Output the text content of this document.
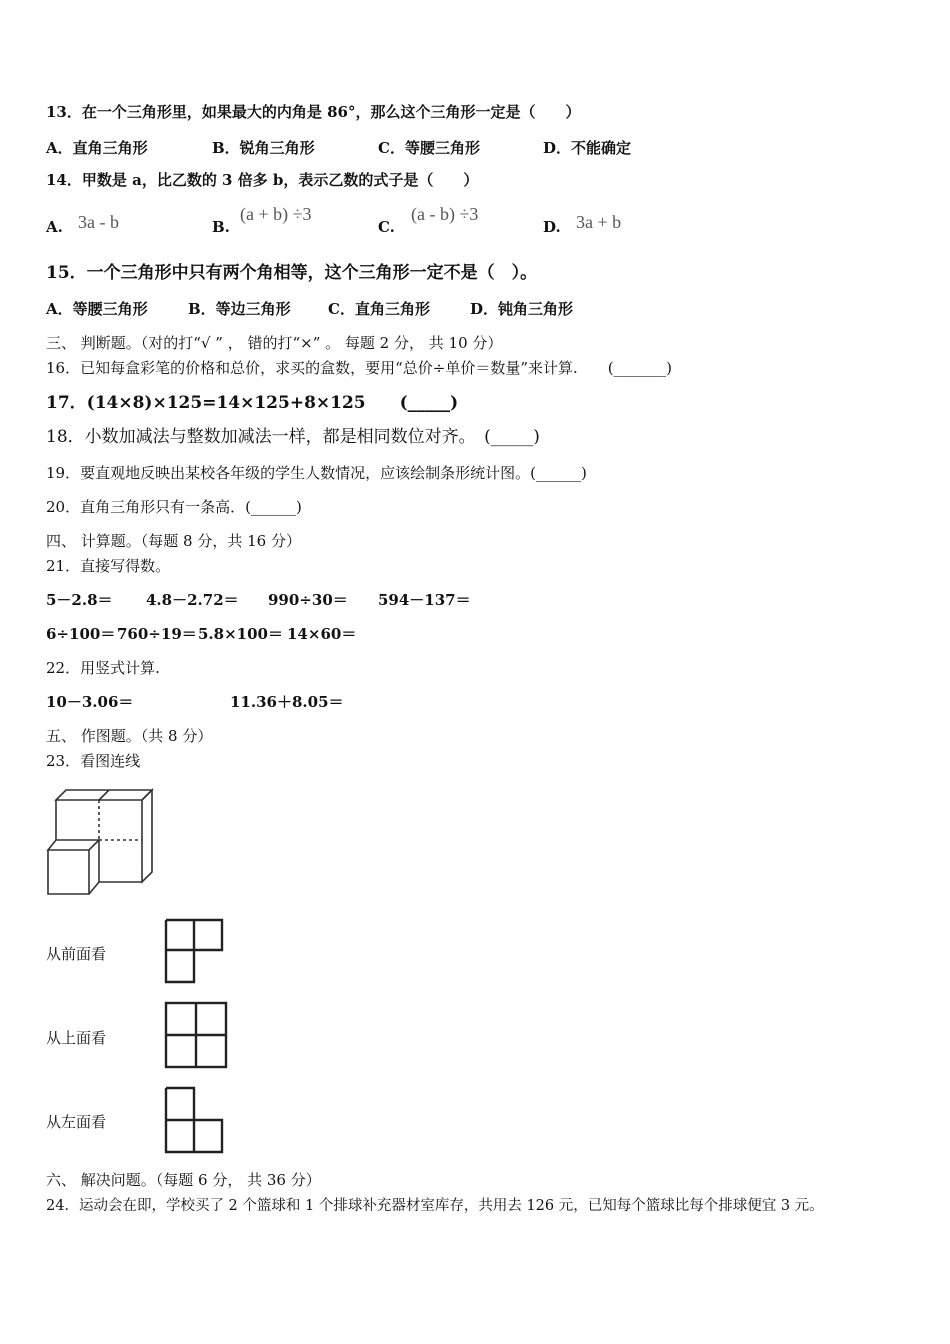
13．在一个三角形里，如果最大的内角是 86°，那么这个三角形一定是（　　）
A．直角三角形	B．锐角三角形	C．等腰三角形	D．不能确定
14．甲数是 a，比乙数的 3 倍多 b，表示乙数的式子是（　　）
A. 3a - b	B.
(a + b) ÷3
C.
(a - b) ÷3
D. 3a + b
15．一个三角形中只有两个角相等，这个三角形一定不是（　）。
A．等腰三角形	B．等边三角形 C．直角三角形	D．钝角三角形
三、 判断题。（对的打“√ ” ， 错的打“×” 。 每题 2 分， 共 10 分）
16．已知每盒彩笔的价格和总价，求买的盒数，要用“总价÷单价＝数量”来计算.　　(_______)
17．(14×8)×125=14×125+8×125　　(_____)
18．小数加减法与整数加减法一样，都是相同数位对齐。　(_____)
19．要直观地反映出某校各年级的学生人数情况，应该绘制条形统计图。(______)
20．直角三角形只有一条高．(______)
四、 计算题。（每题 8 分，共 16 分）
21．直接写得数。
5－2.8＝ 4.8－2.72＝ 990÷30＝ 594－137＝
6÷100＝ 760÷19＝ 5.8×100＝ 14×60＝
22．用竖式计算.
10－3.06＝	11.36＋8.05＝
五、 作图题。（共 8 分）
23．看图连线
从前面看
从上面看
从左面看
六、 解决问题。（每题 6 分， 共 36 分）
24．运动会在即，学校买了 2 个篮球和 1 个排球补充器材室库存，共用去 126 元，已知每个篮球比每个排球便宜 3 元。
